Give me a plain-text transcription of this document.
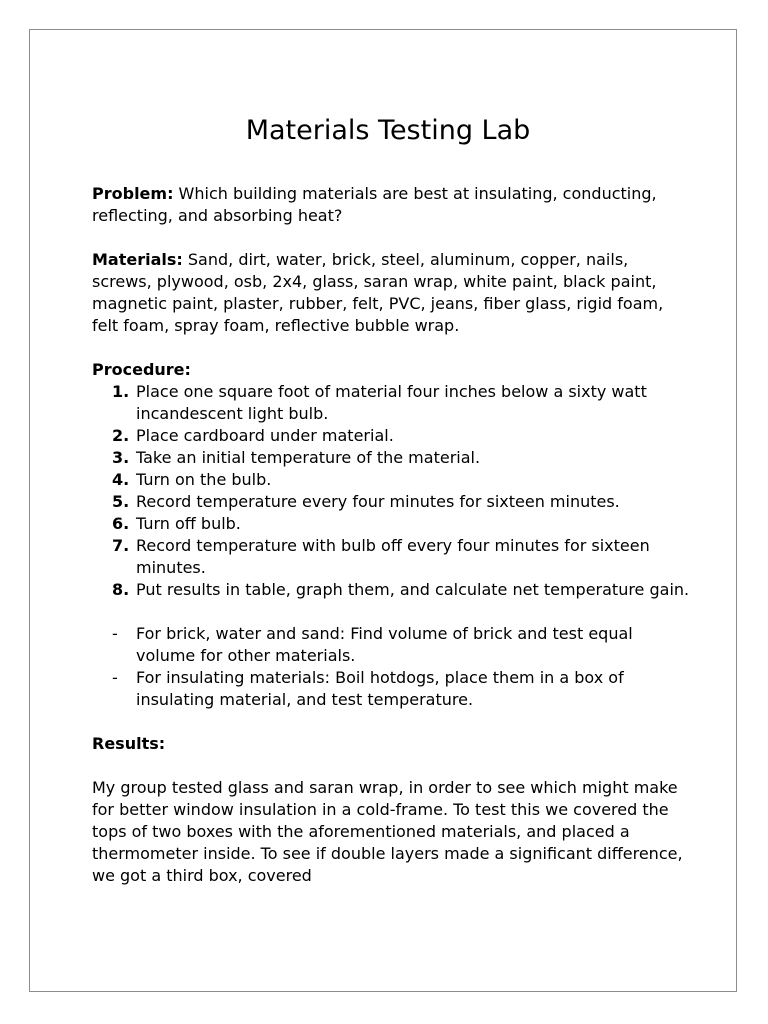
Materials Testing Lab

Problem: Which building materials are best at insulating, conducting, reflecting, and absorbing heat?

Materials: Sand, dirt, water, brick, steel, aluminum, copper, nails, screws, plywood, osb, 2x4, glass, saran wrap, white paint, black paint, magnetic paint, plaster, rubber, felt, PVC, jeans, fiber glass, rigid foam, felt foam, spray foam, reflective bubble wrap.

Procedure:

1. Place one square foot of material four inches below a sixty watt incandescent light bulb.
2. Place cardboard under material.
3. Take an initial temperature of the material.
4. Turn on the bulb.
5. Record temperature every four minutes for sixteen minutes.
6. Turn off bulb.
7. Record temperature with bulb off every four minutes for sixteen minutes.
8. Put results in table, graph them, and calculate net temperature gain.
- For brick, water and sand: Find volume of brick and test equal volume for other materials.
- For insulating materials: Boil hotdogs, place them in a box of insulating material, and test temperature.

Results:

My group tested glass and saran wrap, in order to see which might make for better window insulation in a cold-frame. To test this we covered the tops of two boxes with the aforementioned materials, and placed a thermometer inside. To see if double layers made a significant difference, we got a third box, covered
